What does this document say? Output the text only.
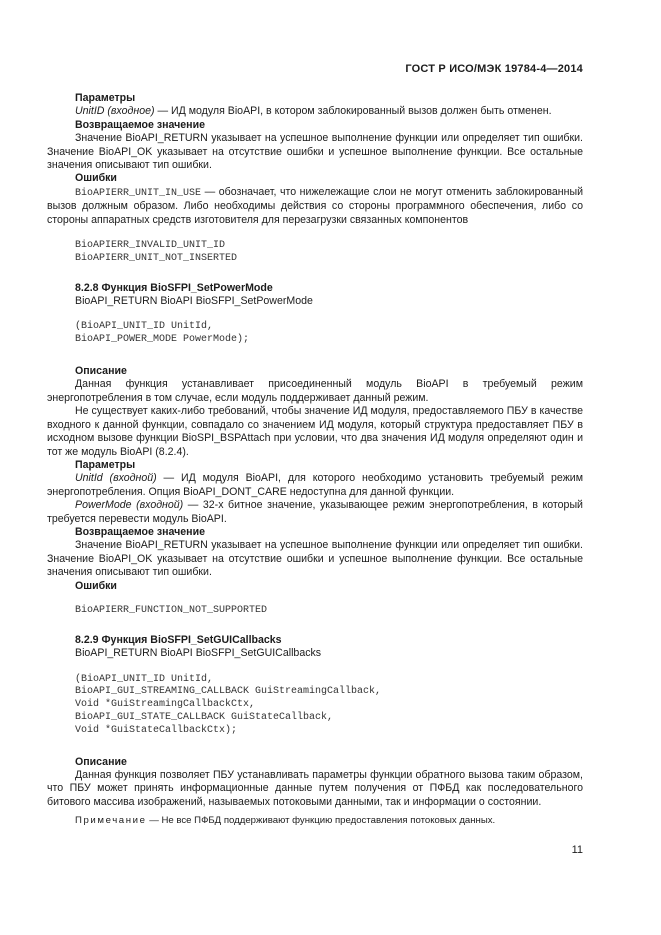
ГОСТ Р ИСО/МЭК 19784-4—2014

Параметры

UnitID (входное) — ИД модуля BioAPI, в котором заблокированный вызов должен быть отменен.

Возвращаемое значение

Значение BioAPI_RETURN указывает на успешное выполнение функции или определяет тип ошибки. Значение BioAPI_OK указывает на отсутствие ошибки и успешное выполнение функции. Все остальные значения описывают тип ошибки.

Ошибки

BioAPIERR_UNIT_IN_USE — обозначает, что нижележащие слои не могут отменить заблокированный вызов должным образом. Либо необходимы действия со стороны программного обеспечения, либо со стороны аппаратных средств изготовителя для перезагрузки связанных компонентов

BioAPIERR_INVALID_UNIT_ID
BioAPIERR_UNIT_NOT_INSERTED

8.2.8 Функция BioSFPI_SetPowerMode

BioAPI_RETURN BioAPI BioSFPI_SetPowerMode

(BioAPI_UNIT_ID UnitId,
BioAPI_POWER_MODE PowerMode);

Описание

Данная функция устанавливает присоединенный модуль BioAPI в требуемый режим энергопотребления в том случае, если модуль поддерживает данный режим.

Не существует каких-либо требований, чтобы значение ИД модуля, предоставляемого ПБУ в качестве входного к данной функции, совпадало со значением ИД модуля, который структура предоставляет ПБУ в исходном вызове функции BioSPI_BSPAttach при условии, что два значения ИД модуля определяют один и тот же модуль BioAPI (8.2.4).

Параметры

UnitId (входной) — ИД модуля BioAPI, для которого необходимо установить требуемый режим энергопотребления. Опция BioAPI_DONT_CARE недоступна для данной функции.

PowerMode (входной) — 32-х битное значение, указывающее режим энергопотребления, в который требуется перевести модуль BioAPI.

Возвращаемое значение

Значение BioAPI_RETURN указывает на успешное выполнение функции или определяет тип ошибки. Значение BioAPI_OK указывает на отсутствие ошибки и успешное выполнение функции. Все остальные значения описывают тип ошибки.

Ошибки

BioAPIERR_FUNCTION_NOT_SUPPORTED

8.2.9 Функция BioSFPI_SetGUICallbacks

BioAPI_RETURN BioAPI BioSFPI_SetGUICallbacks

(BioAPI_UNIT_ID UnitId,
BioAPI_GUI_STREAMING_CALLBACK GuiStreamingCallback,
Void *GuiStreamingCallbackCtx,
BioAPI_GUI_STATE_CALLBACK GuiStateCallback,
Void *GuiStateCallbackCtx);

Описание

Данная функция позволяет ПБУ устанавливать параметры функции обратного вызова таким образом, что ПБУ может принять информационные данные путем получения от ПФБД как последовательного битового массива изображений, называемых потоковыми данными, так и информации о состоянии.

Примечание — Не все ПФБД поддерживают функцию предоставления потоковых данных.

11
